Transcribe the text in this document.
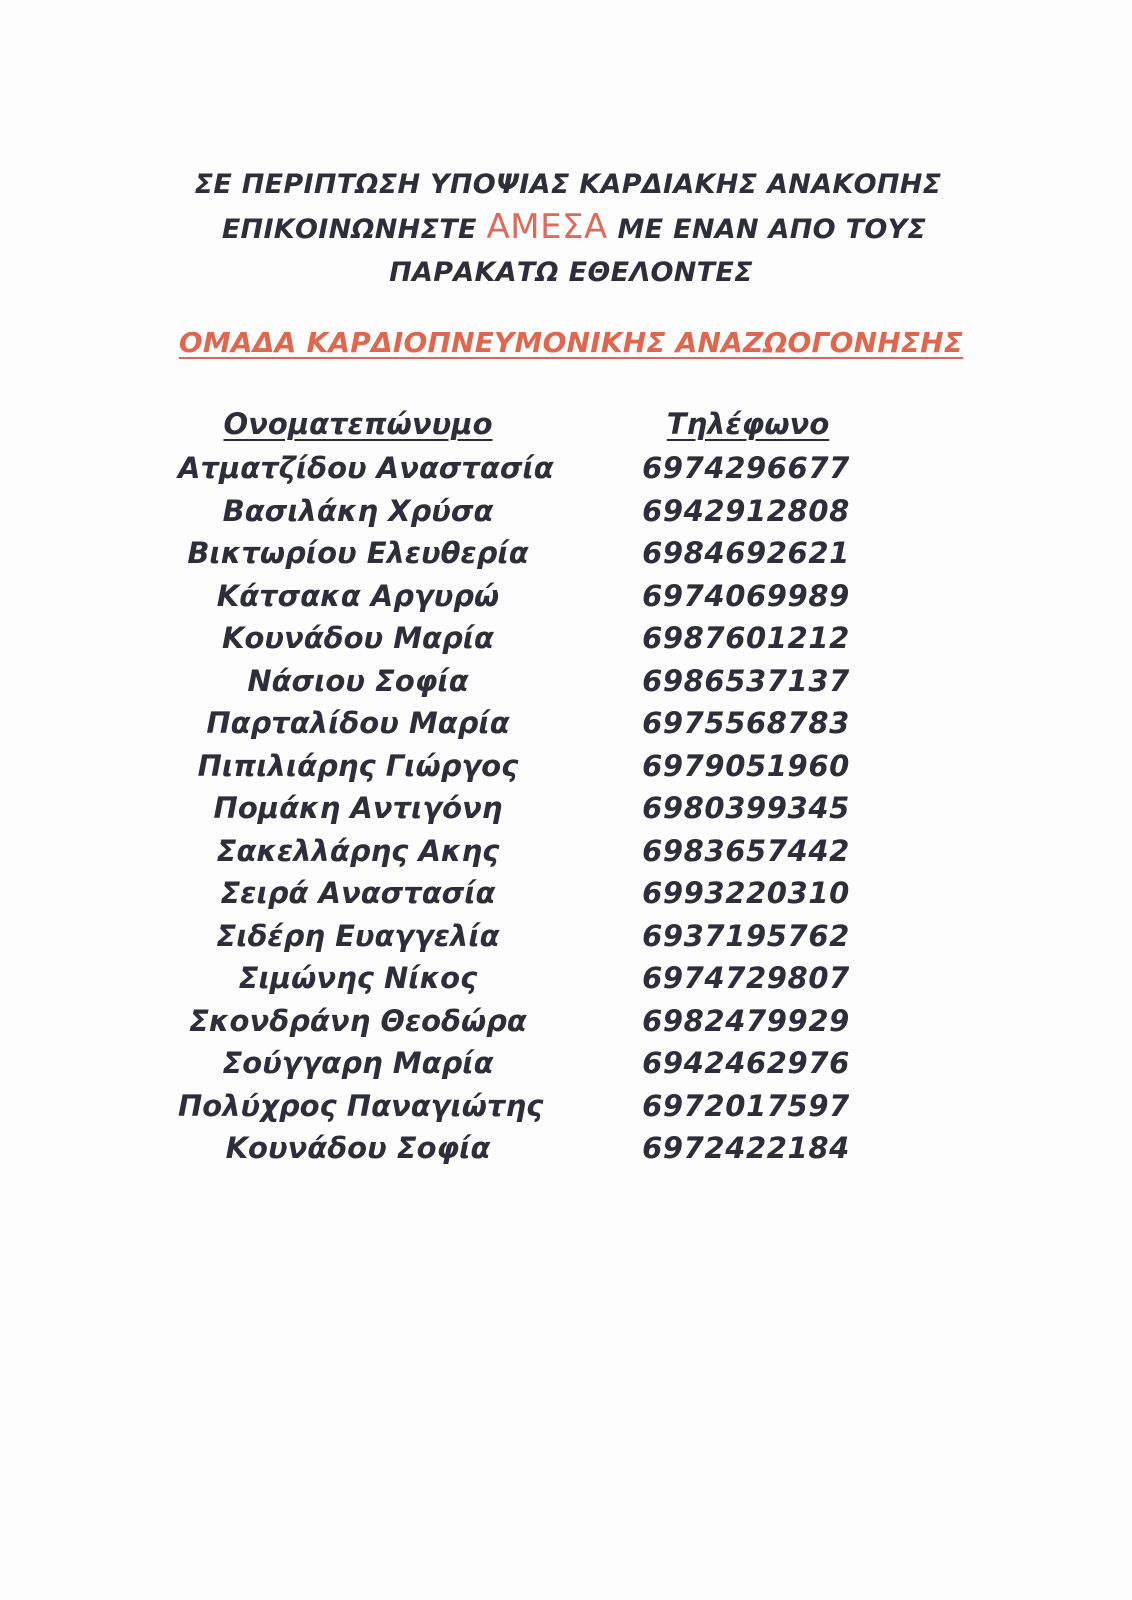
ΣΕ ΠΕΡΙΠΤΩΣΗ ΥΠΟΨΙΑΣ ΚΑΡΔΙΑΚΗΣ ΑΝΑΚΟΠΗΣ
ΕΠΙΚΟΙΝΩΝΗΣΤΕ ΑΜΕΣΑ ΜΕ ΕΝΑΝ ΑΠΟ ΤΟΥΣ
ΠΑΡΑΚΑΤΩ ΕΘΕΛΟΝΤΕΣ
ΟΜΑΔΑ ΚΑΡΔΙΟΠΝΕΥΜΟΝΙΚΗΣ ΑΝΑΖΩΟΓΟΝΗΣΗΣ
Ονοματεπώνυμο	Τηλέφωνο
Ατματζίδου Αναστασία	6974296677
Βασιλάκη Χρύσα	6942912808
Βικτωρίου Ελευθερία	6984692621
Κάτσακα Αργυρώ	6974069989
Κουνάδου Μαρία	6987601212
Νάσιου Σοφία	6986537137
Παρταλίδου Μαρία	6975568783
Πιπιλιάρης Γιώργος	6979051960
Πομάκη Αντιγόνη	6980399345
Σακελλάρης Ακης	6983657442
Σειρά Αναστασία	6993220310
Σιδέρη Ευαγγελία	6937195762
Σιμώνης Νίκος	6974729807
Σκονδράνη Θεοδώρα	6982479929
Σούγγαρη Μαρία	6942462976
Πολύχρος Παναγιώτης	6972017597
Κουνάδου Σοφία	6972422184
